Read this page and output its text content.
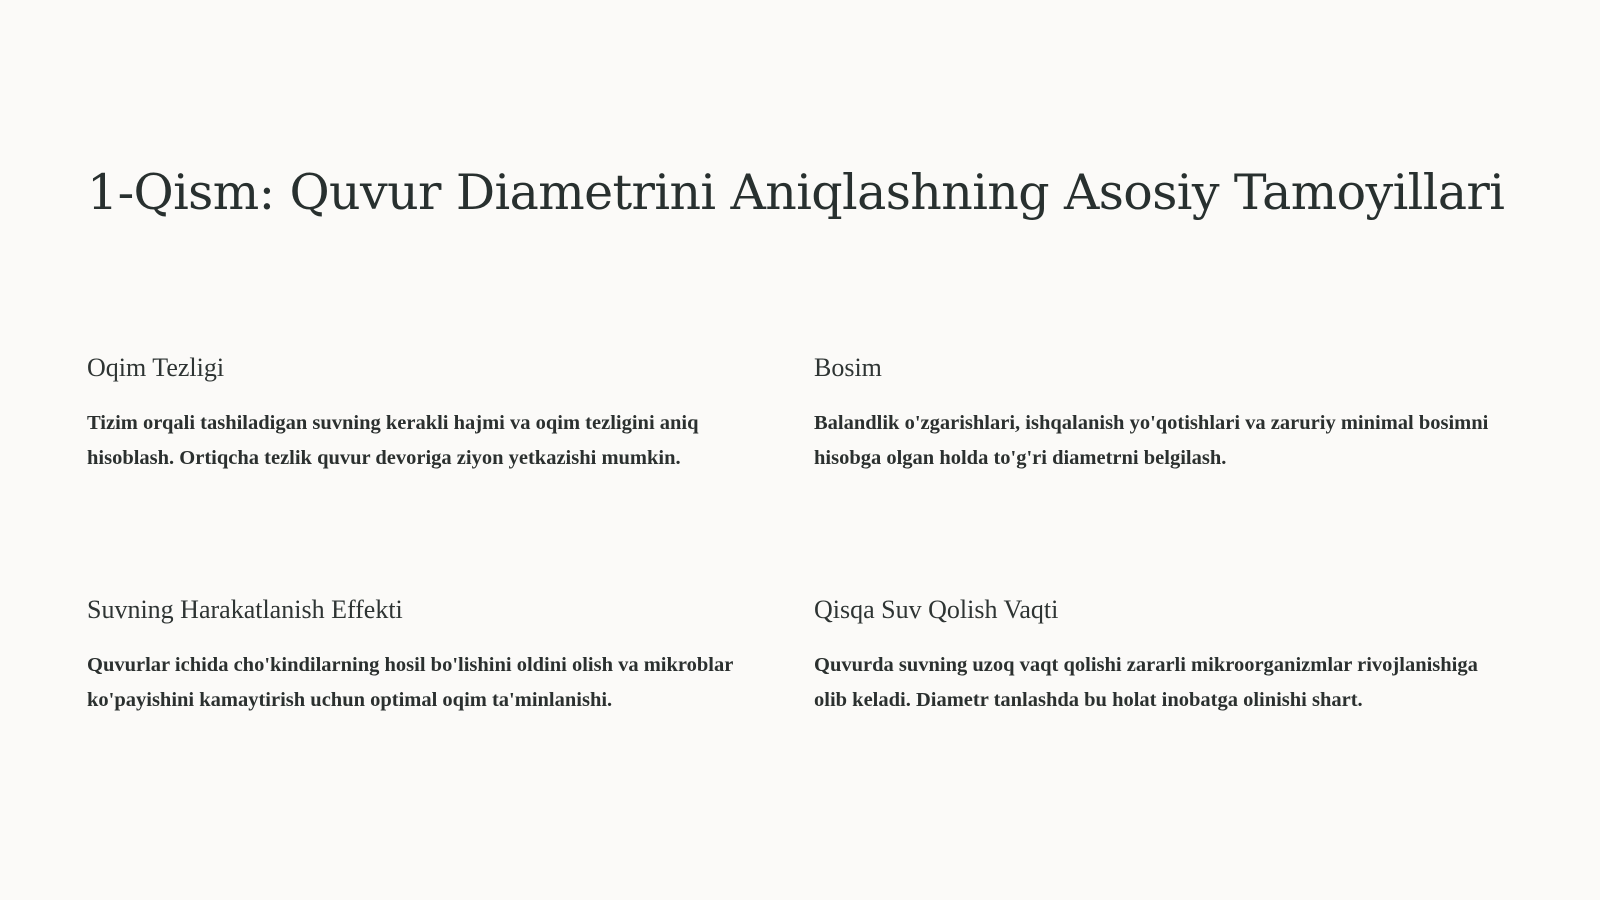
1-Qism: Quvur Diametrini Aniqlashning Asosiy Tamoyillari
Oqim Tezligi

Tizim orqali tashiladigan suvning kerakli hajmi va oqim tezligini aniq hisoblash. Ortiqcha tezlik quvur devoriga ziyon yetkazishi mumkin.

Bosim

Balandlik o'zgarishlari, ishqalanish yo'qotishlari va zaruriy minimal bosimni hisobga olgan holda to'g'ri diametrni belgilash.

Suvning Harakatlanish Effekti

Quvurlar ichida cho'kindilarning hosil bo'lishini oldini olish va mikroblar ko'payishini kamaytirish uchun optimal oqim ta'minlanishi.

Qisqa Suv Qolish Vaqti

Quvurda suvning uzoq vaqt qolishi zararli mikroorganizmlar rivojlanishiga olib keladi. Diametr tanlashda bu holat inobatga olinishi shart.
